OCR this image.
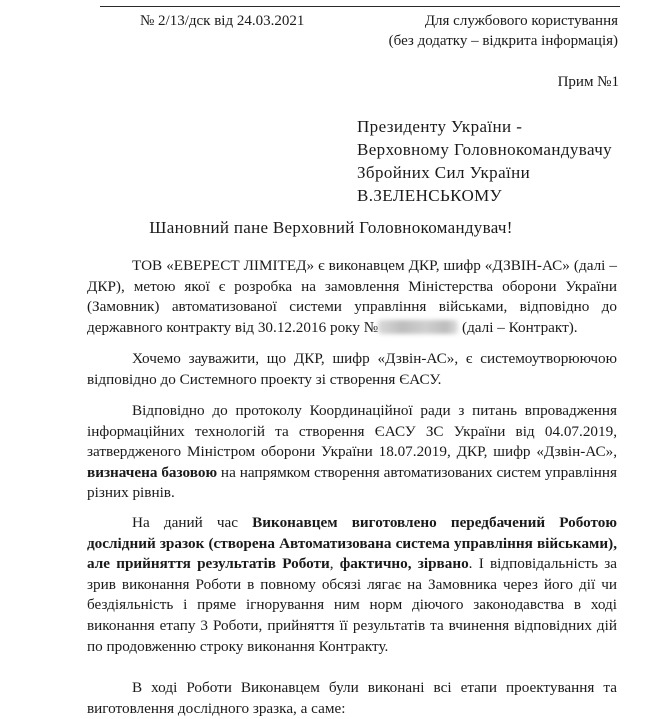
№ 2/13/дск від 24.03.2021	Для службового користування
(без додатку – відкрита інформація)
Прим №1
Президенту України -
Верховному Головнокомандувачу
Збройних Сил України
В.ЗЕЛЕНСЬКОМУ
Шановний пане Верховний Головнокомандувач!
ТОВ «ЕВЕРЕСТ ЛІМІТЕД» є виконавцем ДКР, шифр «ДЗВІН-АС» (далі – ДКР), метою якої є розробка на замовлення Міністерства оборони України (Замовник) автоматизованої системи управління військами, відповідно до державного контракту від 30.12.2016 року №	(далі – Контракт).
Хочемо зауважити, що ДКР, шифр «Дзвін-АС», є системоутворюючою відповідно до Системного проекту зі створення ЄАСУ.
Відповідно до протоколу Координаційної ради з питань впровадження інформаційних технологій та створення ЄАСУ ЗС України від 04.07.2019, затвердженого Міністром оборони України 18.07.2019, ДКР, шифр «Дзвін-АС», визначена базовою на напрямком створення автоматизованих систем управління різних рівнів.
На даний час Виконавцем виготовлено передбачений Роботою дослідний зразок (створена Автоматизована система управління військами), але прийняття результатів Роботи, фактично, зірвано. І відповідальність за зрив виконання Роботи в повному обсязі лягає на Замовника через його дії чи бездіяльність і пряме ігнорування ним норм діючого законодавства в ході виконання етапу 3 Роботи, прийняття її результатів та вчинення відповідних дій по продовженню строку виконання Контракту.
В ході Роботи Виконавцем були виконані всі етапи проектування та виготовлення дослідного зразка, а саме:
